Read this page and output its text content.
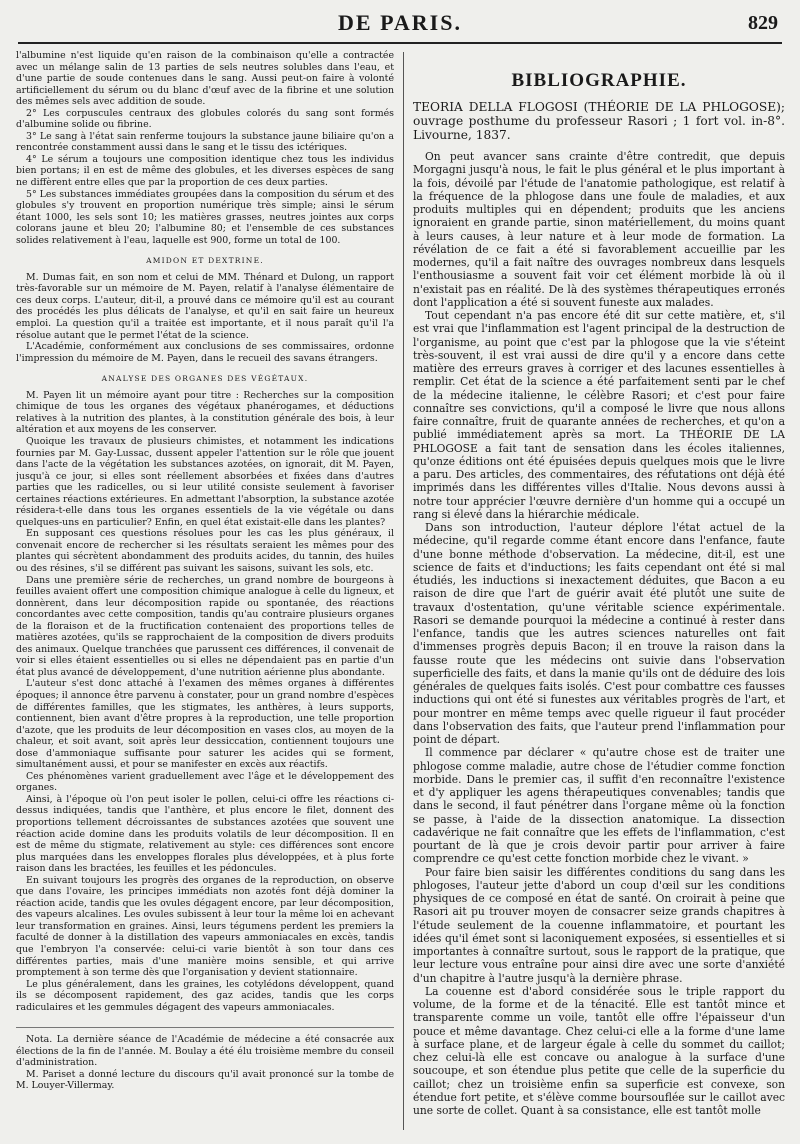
DE PARIS.	829

l'albumine n'est liquide qu'en raison de la combinaison qu'elle a contractée avec un mélange salin de 13 parties de sels neutres solubles dans l'eau, et d'une partie de soude contenues dans le sang. Aussi peut-on faire à volonté artificiellement du sérum ou du blanc d'œuf avec de la fibrine et une solution des mêmes sels avec addition de soude.

2° Les corpuscules centraux des globules colorés du sang sont formés d'albumine solide ou fibrine.

3° Le sang à l'état sain renferme toujours la substance jaune biliaire qu'on a rencontrée constamment aussi dans le sang et le tissu des ictériques.

4° Le sérum a toujours une composition identique chez tous les individus bien portans; il en est de même des globules, et les diverses espèces de sang ne diffèrent entre elles que par la proportion de ces deux parties.

5° Les substances immédiates groupées dans la composition du sérum et des globules s'y trouvent en proportion numérique très simple; ainsi le sérum étant 1000, les sels sont 10; les matières grasses, neutres jointes aux corps colorans jaune et bleu 20; l'albumine 80; et l'ensemble de ces substances solides relativement à l'eau, laquelle est 900, forme un total de 100.

AMIDON ET DEXTRINE.

M. Dumas fait, en son nom et celui de MM. Thénard et Dulong, un rapport très-favorable sur un mémoire de M. Payen, relatif à l'analyse élémentaire de ces deux corps. L'auteur, dit-il, a prouvé dans ce mémoire qu'il est au courant des procédés les plus délicats de l'analyse, et qu'il en sait faire un heureux emploi. La question qu'il a traitée est importante, et il nous paraît qu'il l'a résolue autant que le permet l'état de la science.

L'Académie, conformément aux conclusions de ses commissaires, ordonne l'impression du mémoire de M. Payen, dans le recueil des savans étrangers.

ANALYSE DES ORGANES DES VÉGÉTAUX.

M. Payen lit un mémoire ayant pour titre : Recherches sur la composition chimique de tous les organes des végétaux phanérogames, et déductions relatives à la nutrition des plantes, à la constitution générale des bois, à leur altération et aux moyens de les conserver.

Quoique les travaux de plusieurs chimistes, et notamment les indications fournies par M. Gay-Lussac, dussent appeler l'attention sur le rôle que jouent dans l'acte de la végétation les substances azotées, on ignorait, dit M. Payen, jusqu'à ce jour, si elles sont réellement absorbées et fixées dans d'autres parties que les radicelles, ou si leur utilité consiste seulement à favoriser certaines réactions extérieures. En admettant l'absorption, la substance azotée résidera-t-elle dans tous les organes essentiels de la vie végétale ou dans quelques-uns en particulier? Enfin, en quel état existait-elle dans les plantes?

En supposant ces questions résolues pour les cas les plus généraux, il convenait encore de rechercher si les résultats seraient les mêmes pour des plantes qui sécrètent abondamment des produits acides, du tannin, des huiles ou des résines, s'il se différent pas suivant les saisons, suivant les sols, etc.

Dans une première série de recherches, un grand nombre de bourgeons à feuilles avaient offert une composition chimique analogue à celle du ligneux, et donnèrent, dans leur décomposition rapide ou spontanée, des réactions concordantes avec cette composition, tandis qu'au contraire plusieurs organes de la floraison et de la fructification contenaient des proportions telles de matières azotées, qu'ils se rapprochaient de la composition de divers produits des animaux. Quelque tranchées que parussent ces différences, il convenait de voir si elles étaient essentielles ou si elles ne dépendaient pas en partie d'un état plus avancé de développement, d'une nutrition aérienne plus abondante.

L'auteur s'est donc attaché à l'examen des mêmes organes à différentes époques; il annonce être parvenu à constater, pour un grand nombre d'espèces de différentes familles, que les stigmates, les anthères, à leurs supports, contiennent, bien avant d'être propres à la reproduction, une telle proportion d'azote, que les produits de leur décomposition en vases clos, au moyen de la chaleur, et soit avant, soit après leur dessiccation, contiennent toujours une dose d'ammoniaque suffisante pour saturer les acides qui se forment, simultanément aussi, et pour se manifester en excès aux réactifs.

Ces phénomènes varient graduellement avec l'âge et le développement des organes.

Ainsi, à l'époque où l'on peut isoler le pollen, celui-ci offre les réactions ci-dessus indiquées, tandis que l'anthère, et plus encore le filet, donnent des proportions tellement décroissantes de substances azotées que souvent une réaction acide domine dans les produits volatils de leur décomposition. Il en est de même du stigmate, relativement au style: ces différences sont encore plus marquées dans les enveloppes florales plus développées, et à plus forte raison dans les bractées, les feuilles et les pédoncules.

En suivant toujours les progrès des organes de la reproduction, on observe que dans l'ovaire, les principes immédiats non azotés font déjà dominer la réaction acide, tandis que les ovules dégagent encore, par leur décomposition, des vapeurs alcalines. Les ovules subissent à leur tour la même loi en achevant leur transformation en graines. Ainsi, leurs tégumens perdent les premiers la faculté de donner à la distillation des vapeurs ammoniacales en excès, tandis que l'embryon l'a conservée: celui-ci varie bientôt à son tour dans ces différentes parties, mais d'une manière moins sensible, et qui arrive promptement à son terme dès que l'organisation y devient stationnaire.

Le plus généralement, dans les graines, les cotylédons développent, quand ils se décomposent rapidement, des gaz acides, tandis que les corps radiculaires et les gemmules dégagent des vapeurs ammoniacales.

Nota. La dernière séance de l'Académie de médecine a été consacrée aux élections de la fin de l'année. M. Boulay a été élu troisième membre du conseil d'administration.

M. Pariset a donné lecture du discours qu'il avait prononcé sur la tombe de M. Louyer-Villermay.

BIBLIOGRAPHIE.

TEORIA DELLA FLOGOSI (THÉORIE DE LA PHLOGOSE); ouvrage posthume du professeur Rasori ; 1 fort vol. in-8°. Livourne, 1837.

On peut avancer sans crainte d'être contredit, que depuis Morgagni jusqu'à nous, le fait le plus général et le plus important à la fois, dévoilé par l'étude de l'anatomie pathologique, est relatif à la fréquence de la phlogose dans une foule de maladies, et aux produits multiples qui en dépendent; produits que les anciens ignoraient en grande partie, sinon matériellement, du moins quant à leurs causes, à leur nature et à leur mode de formation. La révélation de ce fait a été si favorablement accueillie par les modernes, qu'il a fait naître des ouvrages nombreux dans lesquels l'enthousiasme a souvent fait voir cet élément morbide là où il n'existait pas en réalité. De là des systèmes thérapeutiques erronés dont l'application a été si souvent funeste aux malades.

Tout cependant n'a pas encore été dit sur cette matière, et, s'il est vrai que l'inflammation est l'agent principal de la destruction de l'organisme, au point que c'est par la phlogose que la vie s'éteint très-souvent, il est vrai aussi de dire qu'il y a encore dans cette matière des erreurs graves à corriger et des lacunes essentielles à remplir. Cet état de la science a été parfaitement senti par le chef de la médecine italienne, le célèbre Rasori; et c'est pour faire connaître ses convictions, qu'il a composé le livre que nous allons faire connaître, fruit de quarante années de recherches, et qu'on a publié immédiatement après sa mort. La THÉORIE DE LA PHLOGOSE a fait tant de sensation dans les écoles italiennes, qu'onze éditions ont été épuisées depuis quelques mois que le livre a paru. Des articles, des commentaires, des réfutations ont déjà été imprimés dans les différentes villes d'Italie. Nous devons aussi à notre tour apprécier l'œuvre dernière d'un homme qui a occupé un rang si élevé dans la hiérarchie médicale.

Dans son introduction, l'auteur déplore l'état actuel de la médecine, qu'il regarde comme étant encore dans l'enfance, faute d'une bonne méthode d'observation. La médecine, dit-il, est une science de faits et d'inductions; les faits cependant ont été si mal étudiés, les inductions si inexactement déduites, que Bacon a eu raison de dire que l'art de guérir avait été plutôt une suite de travaux d'ostentation, qu'une véritable science expérimentale. Rasori se demande pourquoi la médecine a continué à rester dans l'enfance, tandis que les autres sciences naturelles ont fait d'immenses progrès depuis Bacon; il en trouve la raison dans la fausse route que les médecins ont suivie dans l'observation superficielle des faits, et dans la manie qu'ils ont de déduire des lois générales de quelques faits isolés. C'est pour combattre ces fausses inductions qui ont été si funestes aux véritables progrès de l'art, et pour montrer en même temps avec quelle rigueur il faut procéder dans l'observation des faits, que l'auteur prend l'inflammation pour point de départ.

Il commence par déclarer « qu'autre chose est de traiter une phlogose comme maladie, autre chose de l'étudier comme fonction morbide. Dans le premier cas, il suffit d'en reconnaître l'existence et d'y appliquer les agens thérapeutiques convenables; tandis que dans le second, il faut pénétrer dans l'organe même où la fonction se passe, à l'aide de la dissection anatomique. La dissection cadavérique ne fait connaître que les effets de l'inflammation, c'est pourtant de là que je crois devoir partir pour arriver à faire comprendre ce qu'est cette fonction morbide chez le vivant. »

Pour faire bien saisir les différentes conditions du sang dans les phlogoses, l'auteur jette d'abord un coup d'œil sur les conditions physiques de ce composé en état de santé. On croirait à peine que Rasori ait pu trouver moyen de consacrer seize grands chapitres à l'étude seulement de la couenne inflammatoire, et pourtant les idées qu'il émet sont si laconiquement exposées, si essentielles et si importantes à connaître surtout, sous le rapport de la pratique, que leur lecture vous entraîne pour ainsi dire avec une sorte d'anxiété d'un chapitre à l'autre jusqu'à la dernière phrase.

La couenne est d'abord considérée sous le triple rapport du volume, de la forme et de la ténacité. Elle est tantôt mince et transparente comme un voile, tantôt elle offre l'épaisseur d'un pouce et même davantage. Chez celui-ci elle a la forme d'une lame à surface plane, et de largeur égale à celle du sommet du caillot; chez celui-là elle est concave ou analogue à la surface d'une soucoupe, et son étendue plus petite que celle de la superficie du caillot; chez un troisième enfin sa superficie est convexe, son étendue fort petite, et s'élève comme boursouflée sur le caillot avec une sorte de collet. Quant à sa consistance, elle est tantôt molle
